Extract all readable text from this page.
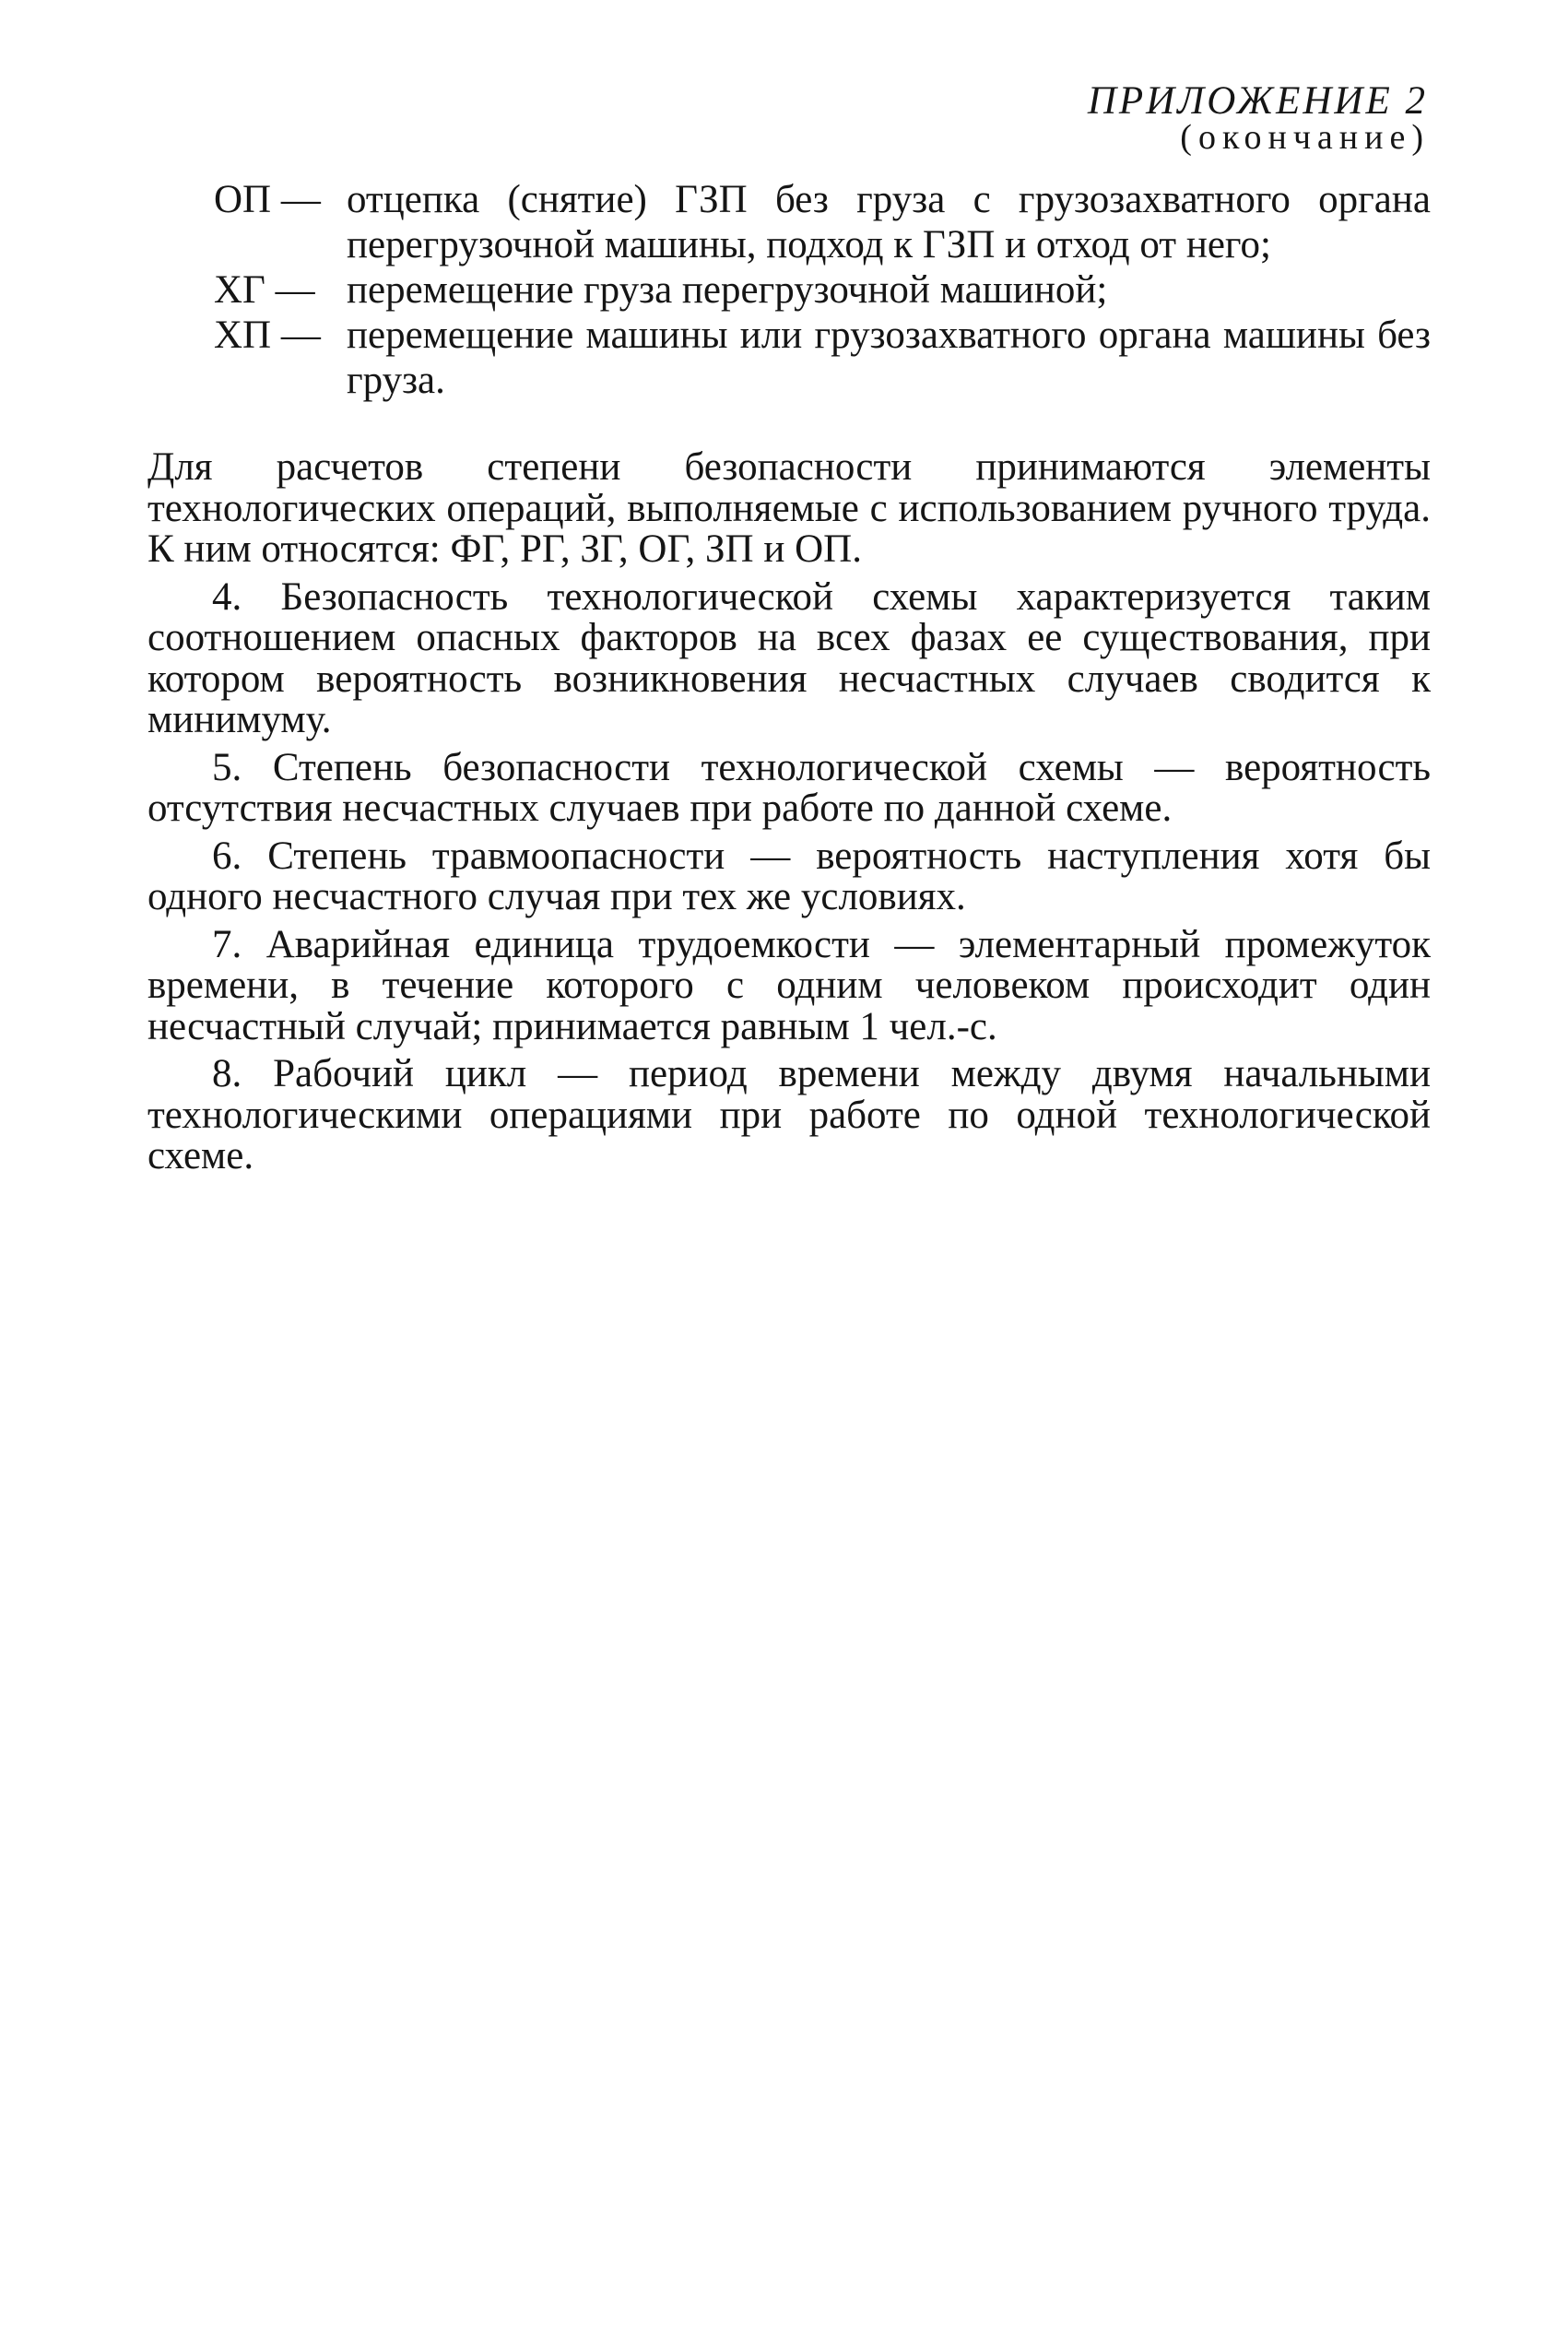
ПРИЛОЖЕНИЕ 2
(окончание)
ОП — отцепка (снятие) ГЗП без груза с грузозахватного органа перегрузочной машины, подход к ГЗП и отход от него;
ХГ — перемещение груза перегрузочной машиной;
ХП — перемещение машины или грузозахватного органа машины без груза.

Для расчетов степени безопасности принимаются элементы технологических операций, выполняемые с использованием ручного труда. К ним относятся: ФГ, РГ, ЗГ, ОГ, ЗП и ОП.

4. Безопасность технологической схемы характеризуется таким соотношением опасных факторов на всех фазах ее существования, при котором вероятность возникновения несчастных случаев сводится к минимуму.

5. Степень безопасности технологической схемы — вероятность отсутствия несчастных случаев при работе по данной схеме.

6. Степень травмоопасности — вероятность наступления хотя бы одного несчастного случая при тех же условиях.

7. Аварийная единица трудоемкости — элементарный промежуток времени, в течение которого с одним человеком происходит один несчастный случай; принимается равным 1 чел.-с.

8. Рабочий цикл — период времени между двумя начальными технологическими операциями при работе по одной технологической схеме.
